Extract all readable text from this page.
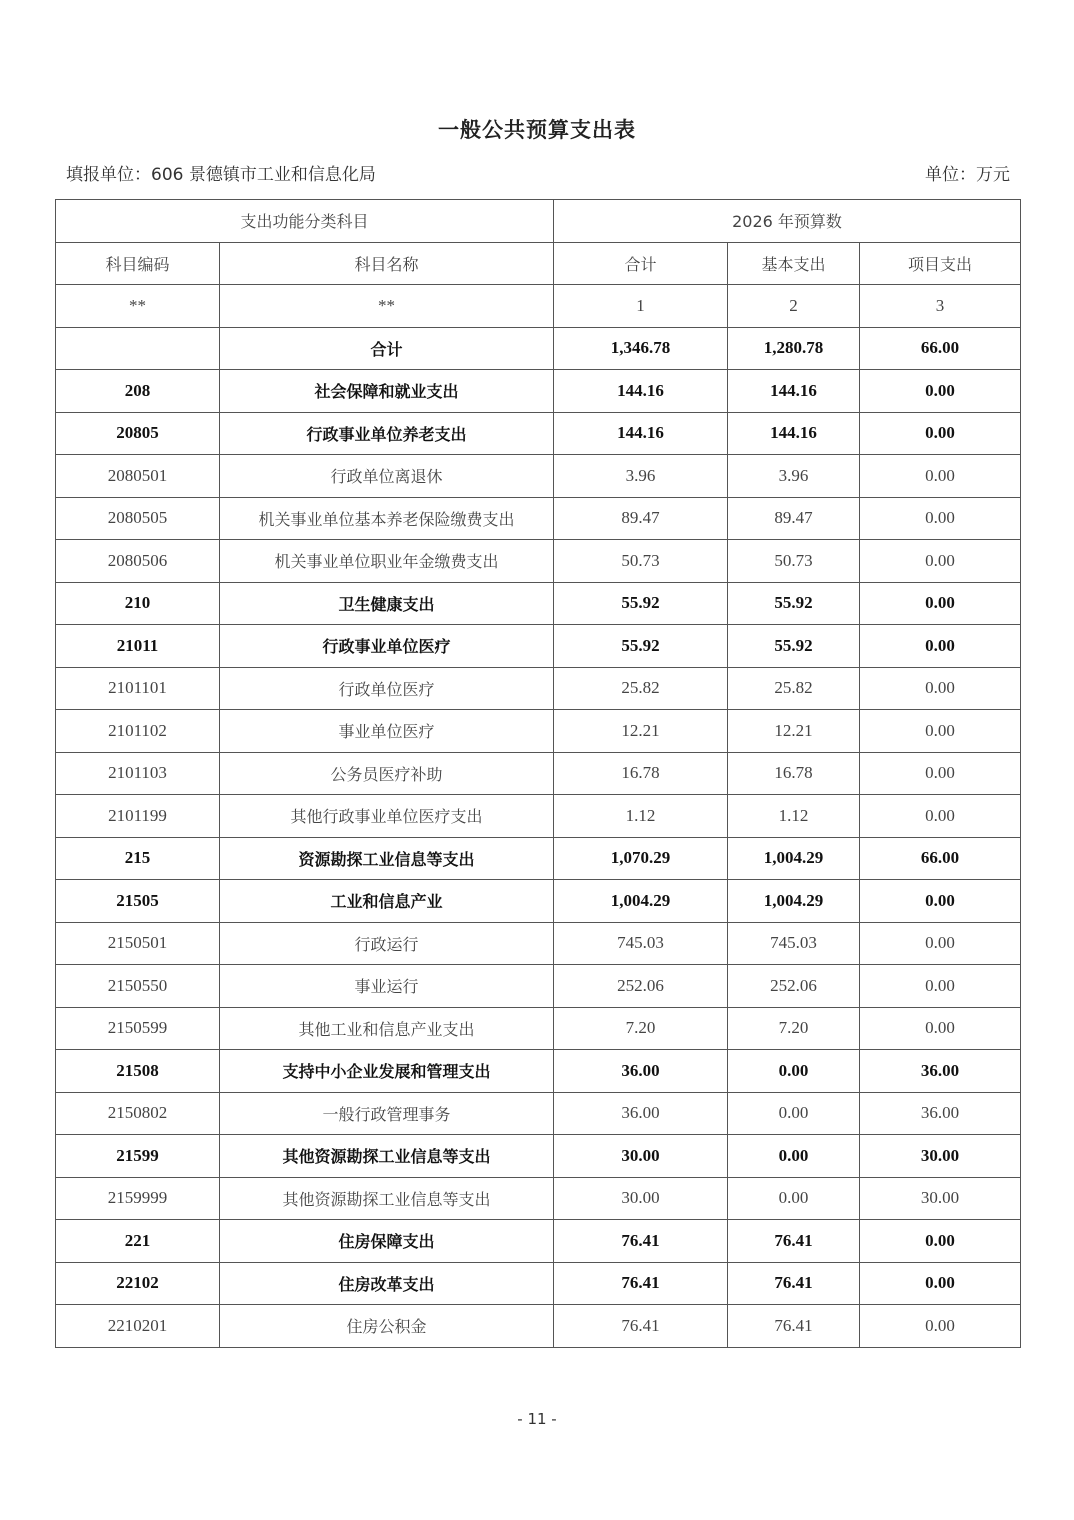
一般公共预算支出表
填报单位：606 景德镇市工业和信息化局	单位：万元
支出功能分类科目		2026 年预算数		
科目编码	科目名称	合计	基本支出	项目支出
**	**	1	2	3
	合计	1,346.78	1,280.78	66.00
208	社会保障和就业支出	144.16	144.16	0.00
20805	行政事业单位养老支出	144.16	144.16	0.00
2080501	行政单位离退休	3.96	3.96	0.00
2080505	机关事业单位基本养老保险缴费支出	89.47	89.47	0.00
2080506	机关事业单位职业年金缴费支出	50.73	50.73	0.00
210	卫生健康支出	55.92	55.92	0.00
21011	行政事业单位医疗	55.92	55.92	0.00
2101101	行政单位医疗	25.82	25.82	0.00
2101102	事业单位医疗	12.21	12.21	0.00
2101103	公务员医疗补助	16.78	16.78	0.00
2101199	其他行政事业单位医疗支出	1.12	1.12	0.00
215	资源勘探工业信息等支出	1,070.29	1,004.29	66.00
21505	工业和信息产业	1,004.29	1,004.29	0.00
2150501	行政运行	745.03	745.03	0.00
2150550	事业运行	252.06	252.06	0.00
2150599	其他工业和信息产业支出	7.20	7.20	0.00
21508	支持中小企业发展和管理支出	36.00	0.00	36.00
2150802	一般行政管理事务	36.00	0.00	36.00
21599	其他资源勘探工业信息等支出	30.00	0.00	30.00
2159999	其他资源勘探工业信息等支出	30.00	0.00	30.00
221	住房保障支出	76.41	76.41	0.00
22102	住房改革支出	76.41	76.41	0.00
2210201	住房公积金	76.41	76.41	0.00
- 11 -
